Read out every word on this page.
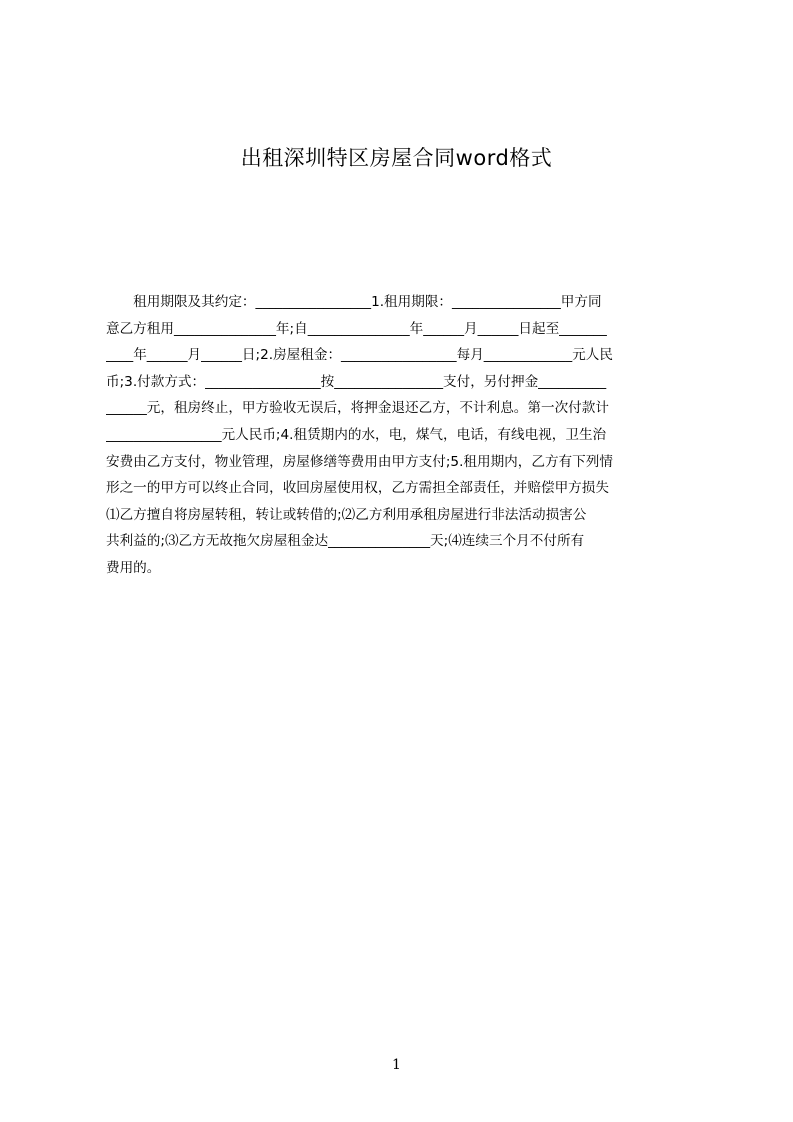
出租深圳特区房屋合同word格式
　　租用期限及其约定：_________________1.租用期限：________________甲方同
意乙方租用_______________年;自_______________年______月______日起至_______
____年______月______日;2.房屋租金：_________________每月_____________元人民
币;3.付款方式：_________________按________________支付，另付押金__________
______元，租房终止，甲方验收无误后，将押金退还乙方，不计利息。第一次付款计
_________________元人民币;4.租赁期内的水，电，煤气，电话，有线电视，卫生治
安费由乙方支付，物业管理，房屋修缮等费用由甲方支付;5.租用期内，乙方有下列情
形之一的甲方可以终止合同，收回房屋使用权，乙方需担全部责任，并赔偿甲方损失
⑴乙方擅自将房屋转租，转让或转借的;⑵乙方利用承租房屋进行非法活动损害公
共利益的;⑶乙方无故拖欠房屋租金达_______________天;⑷连续三个月不付所有
费用的。
1
